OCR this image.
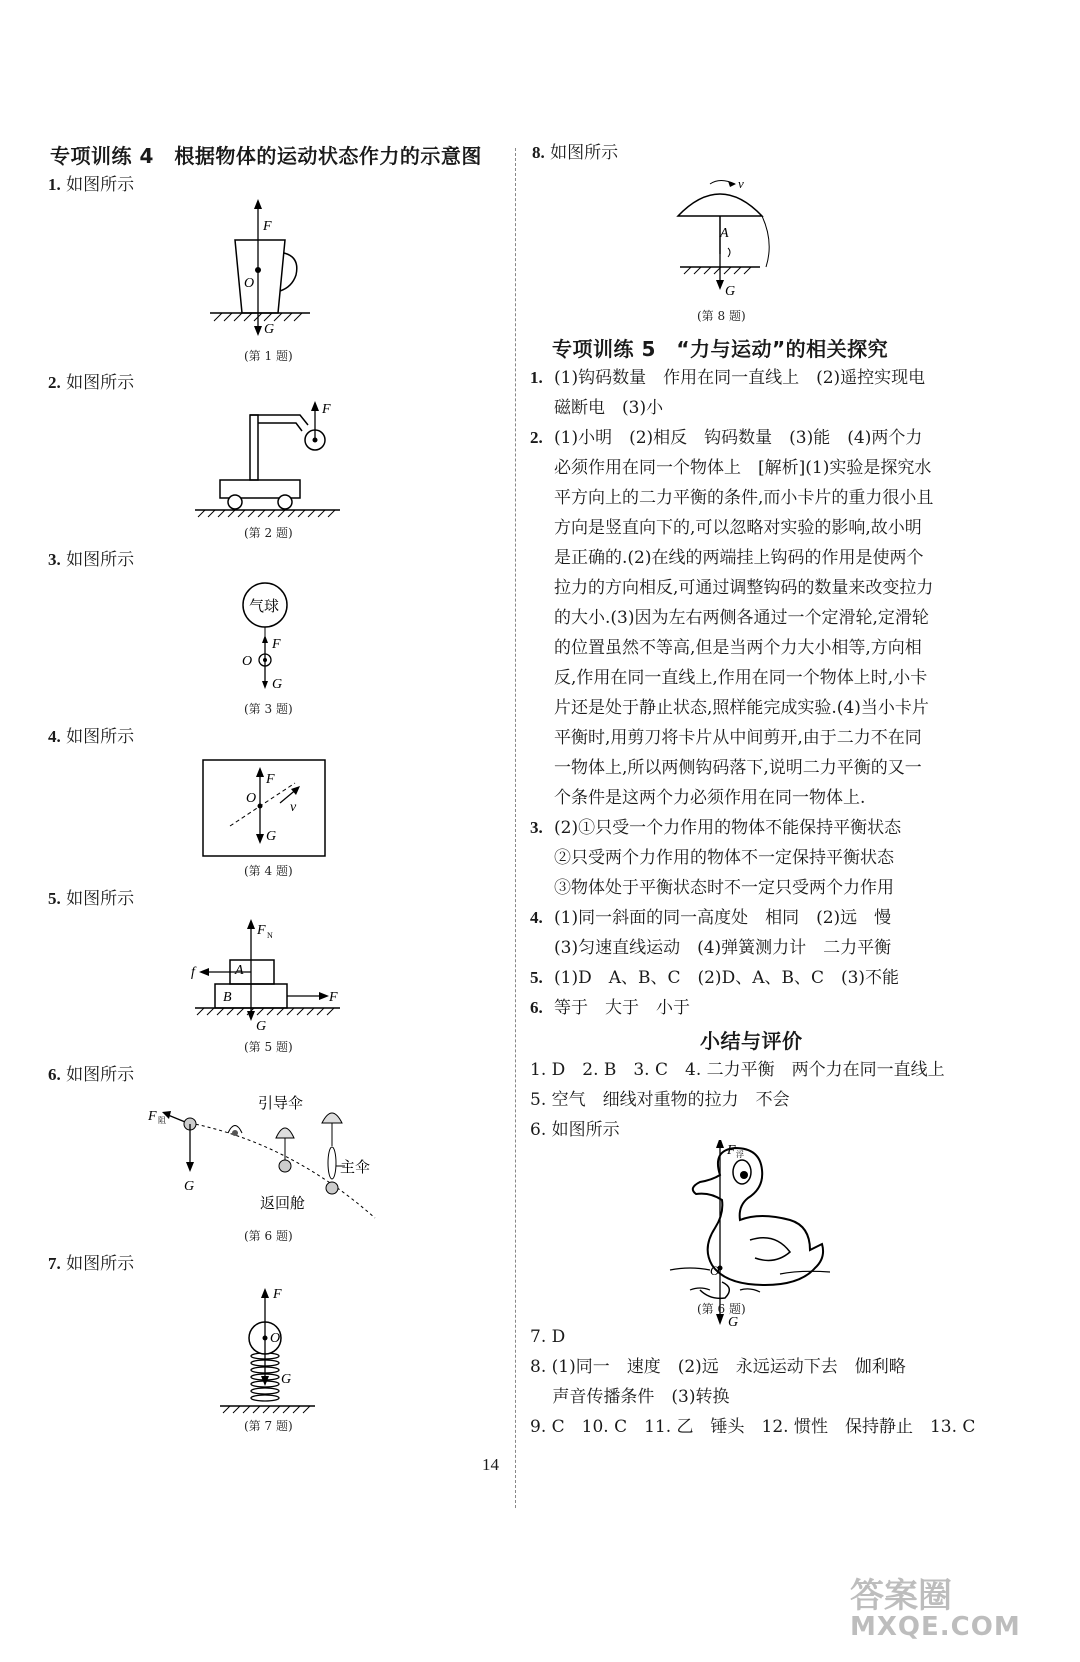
专项训练 4　根据物体的运动状态作力的示意图
1. 如图所示
F
O
G
(第 1 题)
2. 如图所示
F
(第 2 题)
3. 如图所示
气球
F
O
G
(第 3 题)
4. 如图所示
F
O
v
G
(第 4 题)
5. 如图所示
B
A
F N
f
F
G
(第 5 题)
6. 如图所示
F 阻
G
引导伞
主伞
返回舱
(第 6 题)
7. 如图所示
F
O
G
(第 7 题)
8. 如图所示
v
A
G
(第 8 题)
专项训练 5　“力与运动”的相关探究
1. (1)钩码数量　作用在同一直线上　(2)遥控实现电
磁断电　(3)小
2. (1)小明　(2)相反　钩码数量　(3)能　(4)两个力
必须作用在同一个物体上　[解析](1)实验是探究水
平方向上的二力平衡的条件,而小卡片的重力很小且
方向是竖直向下的,可以忽略对实验的影响,故小明
是正确的.(2)在线的两端挂上钩码的作用是使两个
拉力的方向相反,可通过调整钩码的数量来改变拉力
的大小.(3)因为左右两侧各通过一个定滑轮,定滑轮
的位置虽然不等高,但是当两个力大小相等,方向相
反,作用在同一直线上,作用在同一个物体上时,小卡
片还是处于静止状态,照样能完成实验.(4)当小卡片
平衡时,用剪刀将卡片从中间剪开,由于二力不在同
一物体上,所以两侧钩码落下,说明二力平衡的又一
个条件是这两个力必须作用在同一物体上.
3. (2)①只受一个力作用的物体不能保持平衡状态
②只受两个力作用的物体不一定保持平衡状态
③物体处于平衡状态时不一定只受两个力作用
4. (1)同一斜面的同一高度处　相同　(2)远　慢
(3)匀速直线运动　(4)弹簧测力计　二力平衡
5. (1)D　A、B、C　(2)D、A、B、C　(3)不能
6. 等于　大于　小于
小结与评价
1. D　2. B　3. C　4. 二力平衡　两个力在同一直线上
5. 空气　细线对重物的拉力　不会
6. 如图所示
O
F 浮
G
(第 6 题)
7. D
8. (1)同一　速度　(2)远　永远运动下去　伽利略
　 声音传播条件　(3)转换
9. C　10. C　11. 乙　锤头　12. 惯性　保持静止　13. C
14
答案圈
MXQE.COM
